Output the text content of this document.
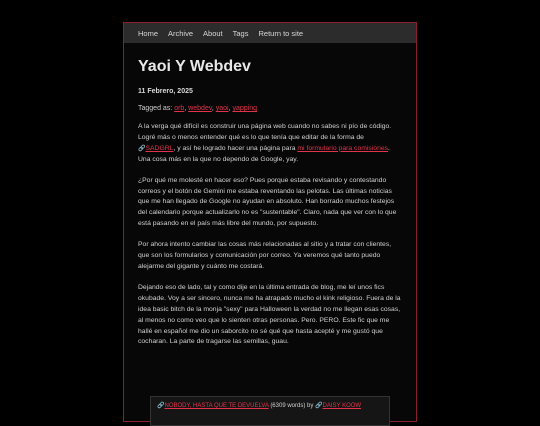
Home Archive About Tags Return to site
Yaoi Y Webdev
11 Febrero, 2025
Tagged as: orb, webdev, yaoi, yapping

A la verga qué difícil es construir una página web cuando no sabes ni pío de código. Logré más o menos entender qué es lo que tenía que editar de la forma de 🔗SADGRL, y así he logrado hacer una página para mi formulario para comisiones. Una cosa más en la que no dependo de Google, yay.

¿Por qué me molesté en hacer eso? Pues porque estaba revisando y contestando correos y el botón de Gemini me estaba reventando las pelotas. Las últimas noticias que me han llegado de Google no ayudan en absoluto. Han borrado muchos festejos del calendario porque actualizarlo no es "sustentable". Claro, nada que ver con lo que está pasando en el país más libre del mundo, por supuesto.

Por ahora intento cambiar las cosas más relacionadas al sitio y a tratar con clientes, que son los formularios y comunicación por correo. Ya veremos qué tanto puedo alejarme del gigante y cuánto me costará.

Dejando eso de lado, tal y como dije en la última entrada de blog, me leí unos fics okubade. Voy a ser sincero, nunca me ha atrapado mucho el kink religioso. Fuera de la idea basic bitch de la monja "sexy" para Halloween la verdad no me llegan esas cosas, al menos no como veo que lo sienten otras personas. Pero. PERO. Este fic que me hallé en español me dio un saborcito no sé qué que hasta acepté y me gustó que cocharan. La parte de tragarse las semillas, guau.

🔗NOBODY, HASTA QUE TE DEVUELVA (6309 words) by 🔗DAISY KOOW
